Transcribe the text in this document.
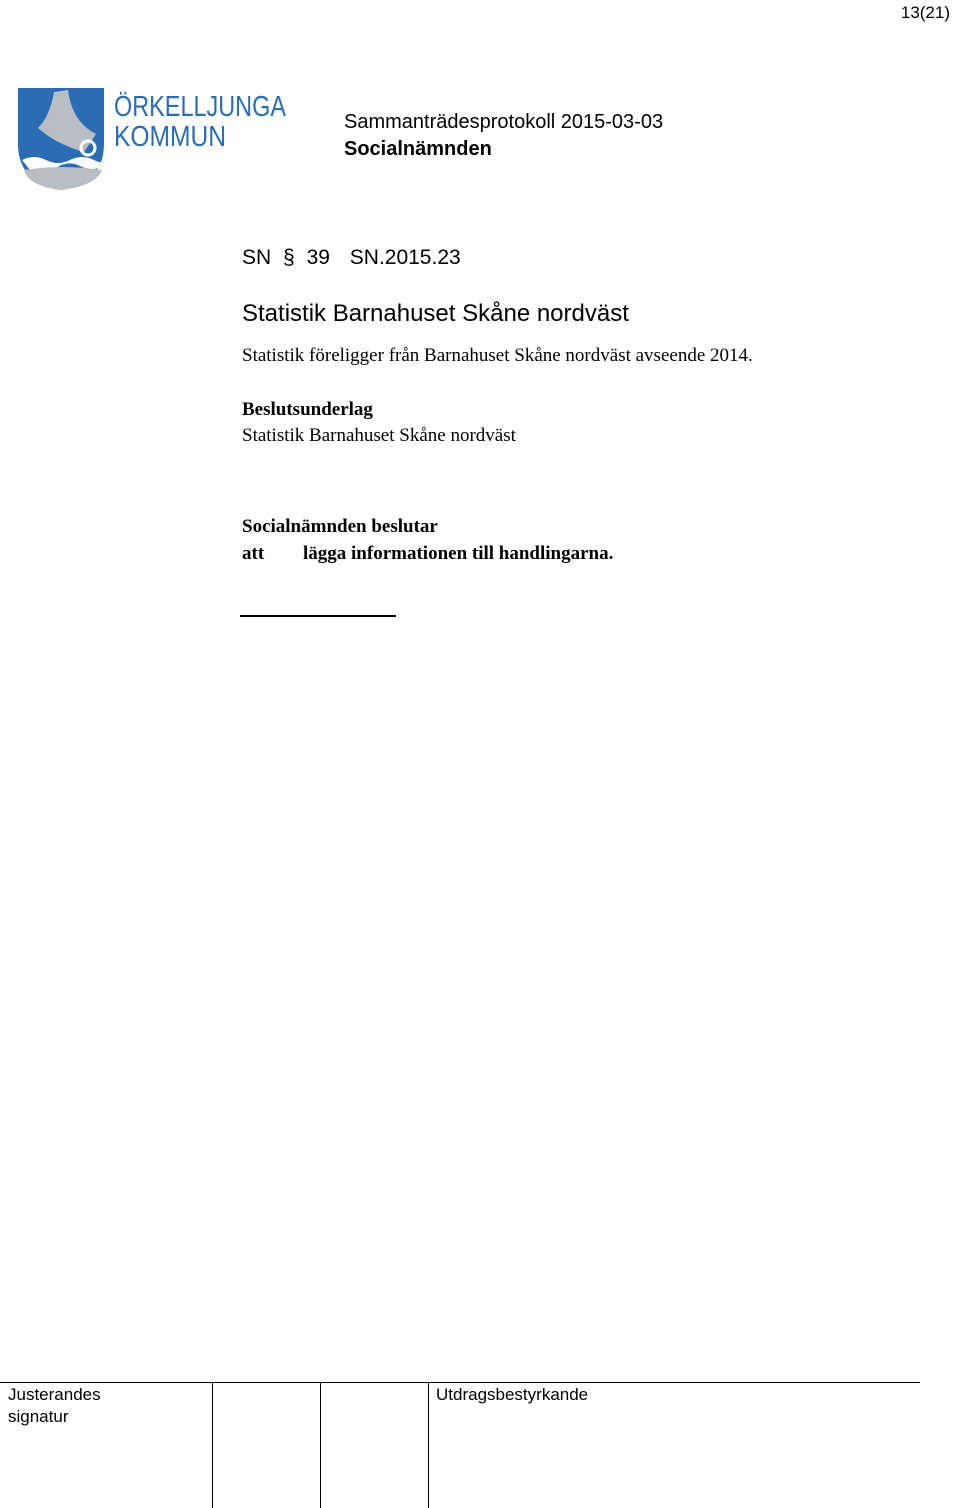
13(21)
ÖRKELLJUNGA
KOMMUN	Sammanträdesprotokoll 2015-03-03
Socialnämnden
SN § 39 SN.2015.23
Statistik Barnahuset Skåne nordväst
Statistik föreligger från Barnahuset Skåne nordväst avseende 2014.
Beslutsunderlag
Statistik Barnahuset Skåne nordväst
Socialnämnden beslutar
att lägga informationen till handlingarna.
Justerandes
signatur
Utdragsbestyrkande
